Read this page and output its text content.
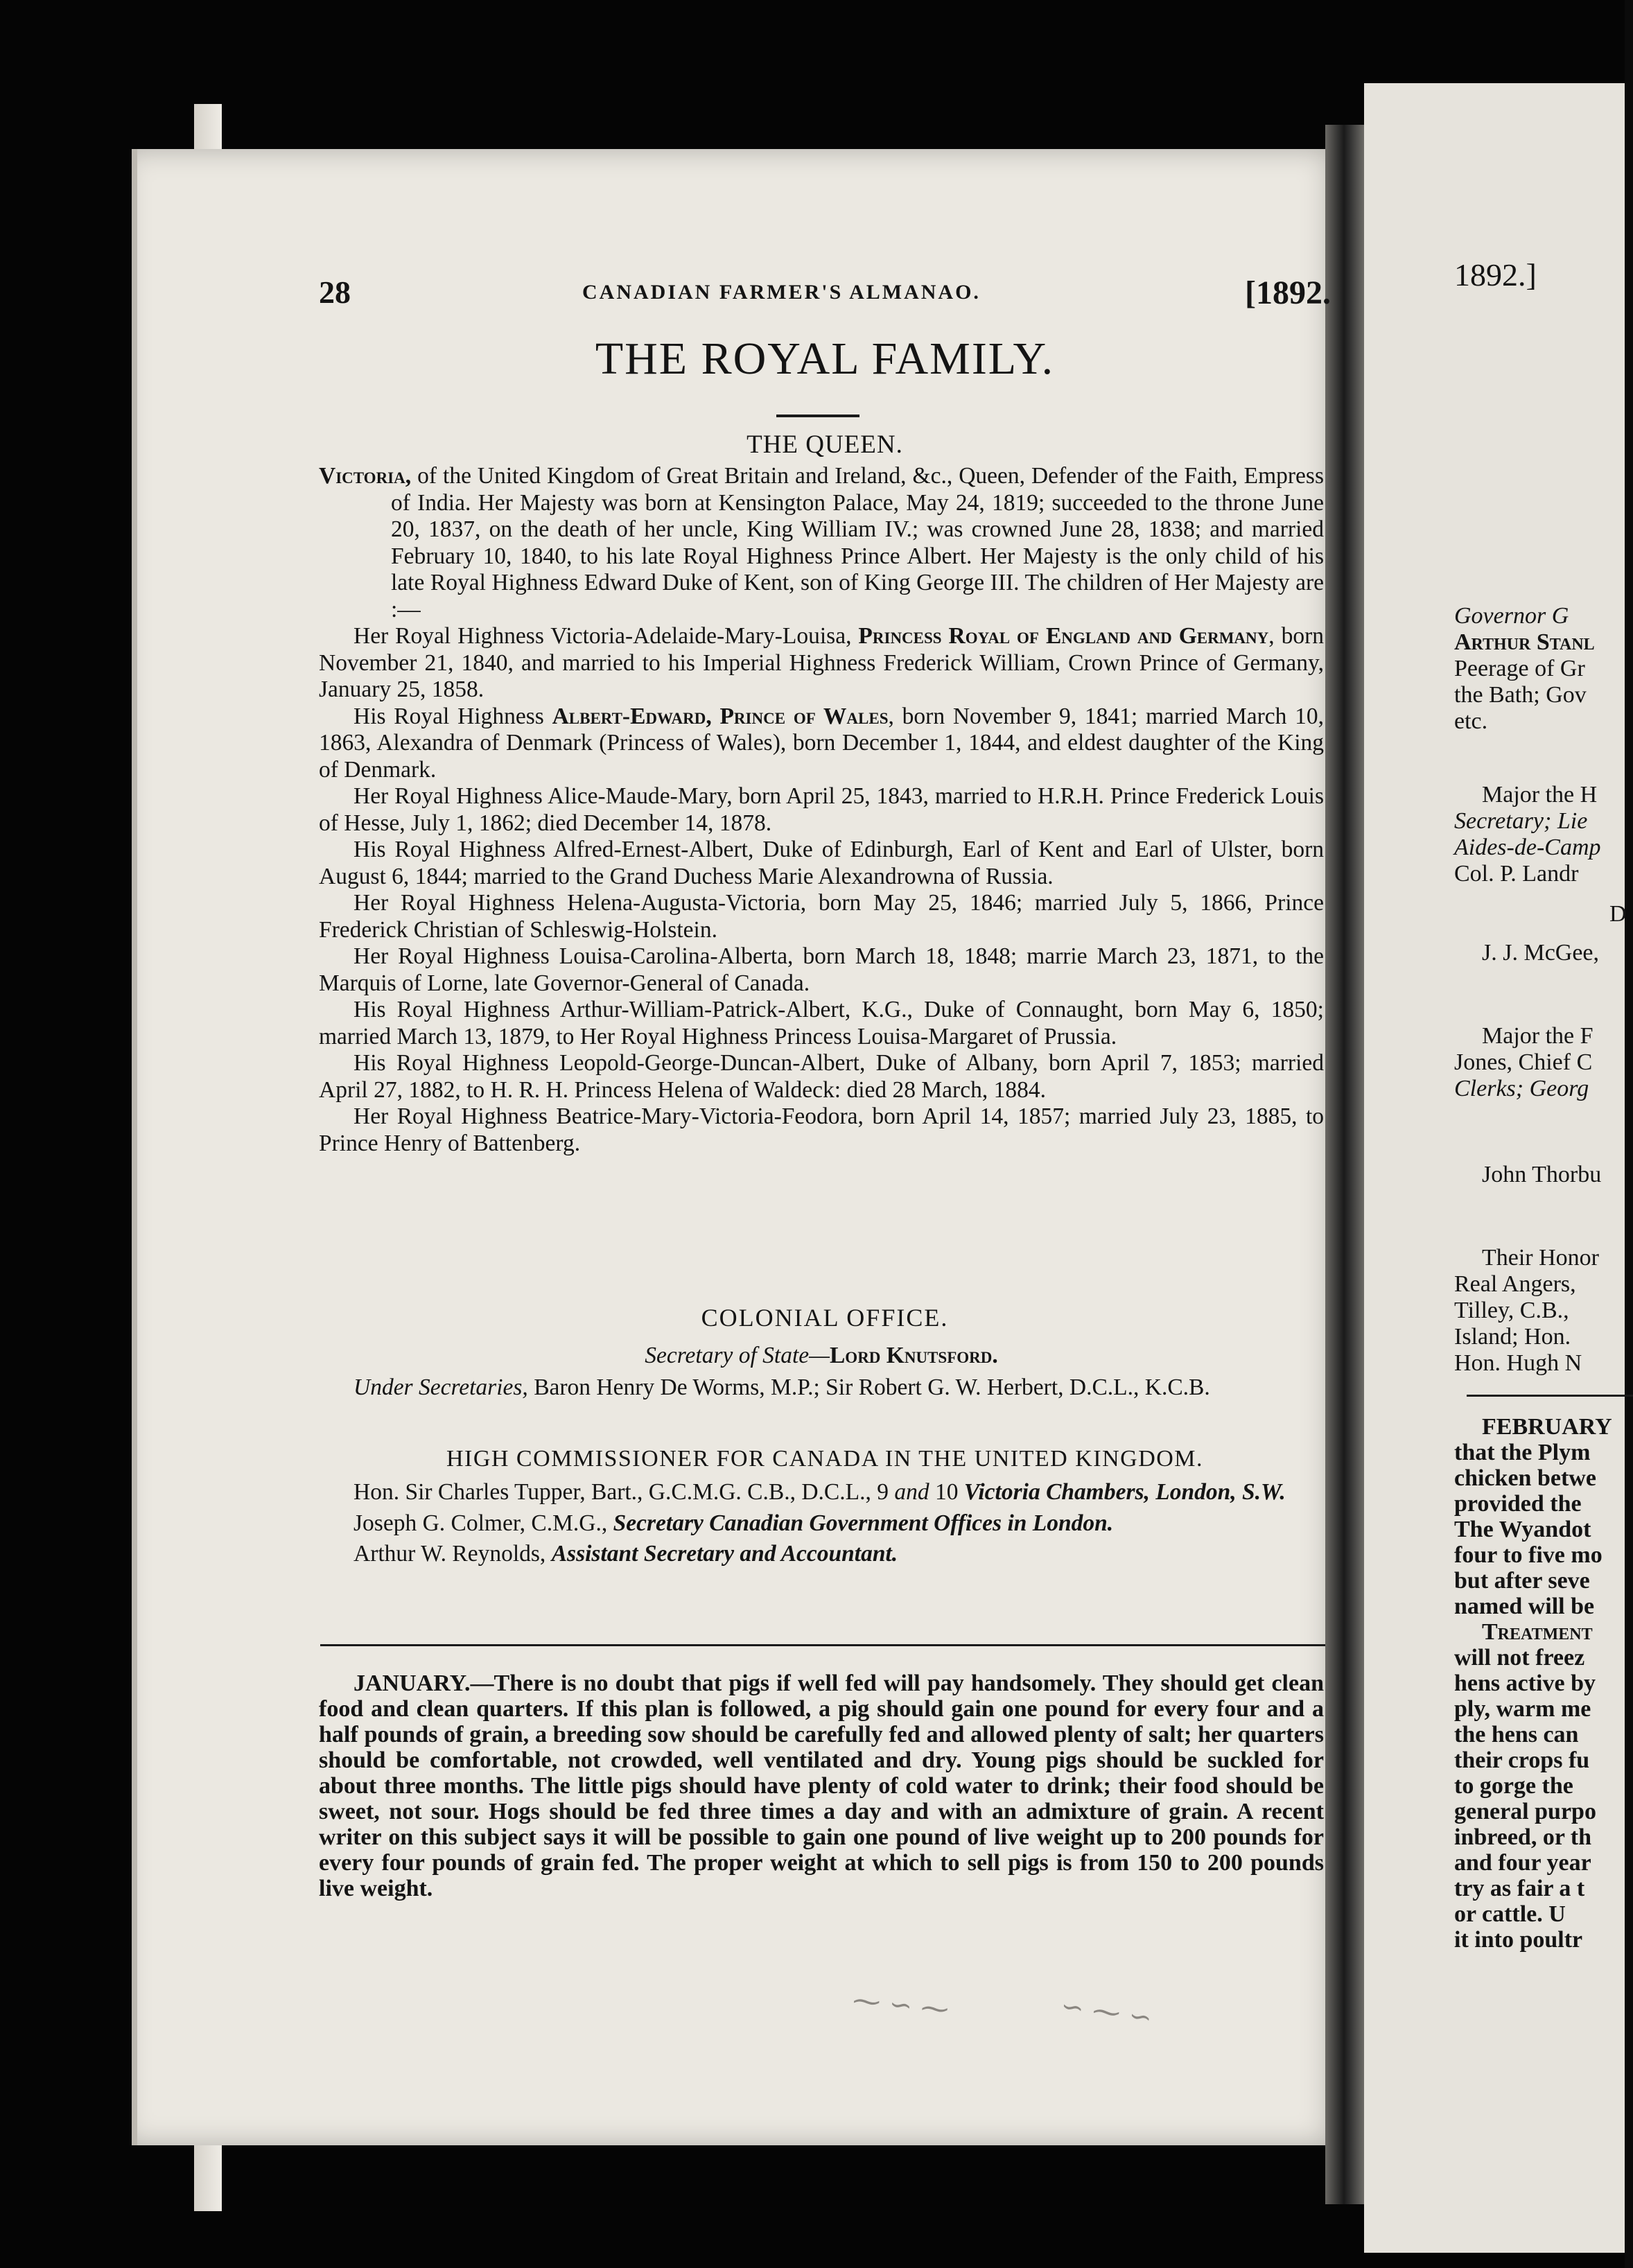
28	CANADIAN FARMER'S ALMANAO.	[1892.
THE ROYAL FAMILY.
THE QUEEN.

Victoria, of the United Kingdom of Great Britain and Ireland, &c., Queen, Defender of the Faith, Empress of India. Her Majesty was born at Kensington Palace, May 24, 1819; succeeded to the throne June 20, 1837, on the death of her uncle, King William IV.; was crowned June 28, 1838; and married February 10, 1840, to his late Royal Highness Prince Albert. Her Majesty is the only child of his late Royal Highness Edward Duke of Kent, son of King George III. The children of Her Majesty are :—

Her Royal Highness Victoria-Adelaide-Mary-Louisa, Princess Royal of England and Germany, born November 21, 1840, and married to his Imperial Highness Frederick William, Crown Prince of Germany, January 25, 1858.

His Royal Highness Albert-Edward, Prince of Wales, born November 9, 1841; married March 10, 1863, Alexandra of Denmark (Princess of Wales), born December 1, 1844, and eldest daughter of the King of Denmark.

Her Royal Highness Alice-Maude-Mary, born April 25, 1843, married to H.R.H. Prince Frederick Louis of Hesse, July 1, 1862; died December 14, 1878.

His Royal Highness Alfred-Ernest-Albert, Duke of Edinburgh, Earl of Kent and Earl of Ulster, born August 6, 1844; married to the Grand Duchess Marie Alexandrowna of Russia.

Her Royal Highness Helena-Augusta-Victoria, born May 25, 1846; married July 5, 1866, Prince Frederick Christian of Schleswig-Holstein.

Her Royal Highness Louisa-Carolina-Alberta, born March 18, 1848; marrie March 23, 1871, to the Marquis of Lorne, late Governor-General of Canada.

His Royal Highness Arthur-William-Patrick-Albert, K.G., Duke of Connaught, born May 6, 1850; married March 13, 1879, to Her Royal Highness Princess Louisa-Margaret of Prussia.

His Royal Highness Leopold-George-Duncan-Albert, Duke of Albany, born April 7, 1853; married April 27, 1882, to H. R. H. Princess Helena of Waldeck: died 28 March, 1884.

Her Royal Highness Beatrice-Mary-Victoria-Feodora, born April 14, 1857; married July 23, 1885, to Prince Henry of Battenberg.

COLONIAL OFFICE.
Secretary of State—Lord Knutsford.

Under Secretaries, Baron Henry De Worms, M.P.; Sir Robert G. W. Herbert, D.C.L., K.C.B.

HIGH COMMISSIONER FOR CANADA IN THE UNITED KINGDOM.

Hon. Sir Charles Tupper, Bart., G.C.M.G. C.B., D.C.L., 9 and 10 Victoria Chambers, London, S.W.

Joseph G. Colmer, C.M.G., Secretary Canadian Government Offices in London.

Arthur W. Reynolds, Assistant Secretary and Accountant.

JANUARY.—There is no doubt that pigs if well fed will pay handsomely. They should get clean food and clean quarters. If this plan is followed, a pig should gain one pound for every four and a half pounds of grain, a breeding sow should be carefully fed and allowed plenty of salt; her quarters should be comfortable, not crowded, well ventilated and dry. Young pigs should be suckled for about three months. The little pigs should have plenty of cold water to drink; their food should be sweet, not sour. Hogs should be fed three times a day and with an admixture of grain. A recent writer on this subject says it will be possible to gain one pound of live weight up to 200 pounds for every four pounds of grain fed. The proper weight at which to sell pigs is from 150 to 200 pounds live weight.

⁓ ∽ ⁓	∽ ⁓ ∽
1892.]
Governor G
Arthur Stanl
Peerage of Gr
the Bath; Gov
etc.
Major the H
Secretary; Lie
Aides-de-Camp
Col. P. Landr
D
J. J. McGee,
Major the F
Jones, Chief C
Clerks; Georg
John Thorbu
Their Honor
Real Angers,
Tilley, C.B.,
Island; Hon.
Hon. Hugh N
FEBRUARY
that the Plym
chicken betwe
provided the
The Wyandot
four to five mo
but after seve
named will be
Treatment
will not freez
hens active by
ply, warm me
the hens can
their crops fu
to gorge the
general purpo
inbreed, or th
and four year
try as fair a t
or cattle. U
it into poultr
